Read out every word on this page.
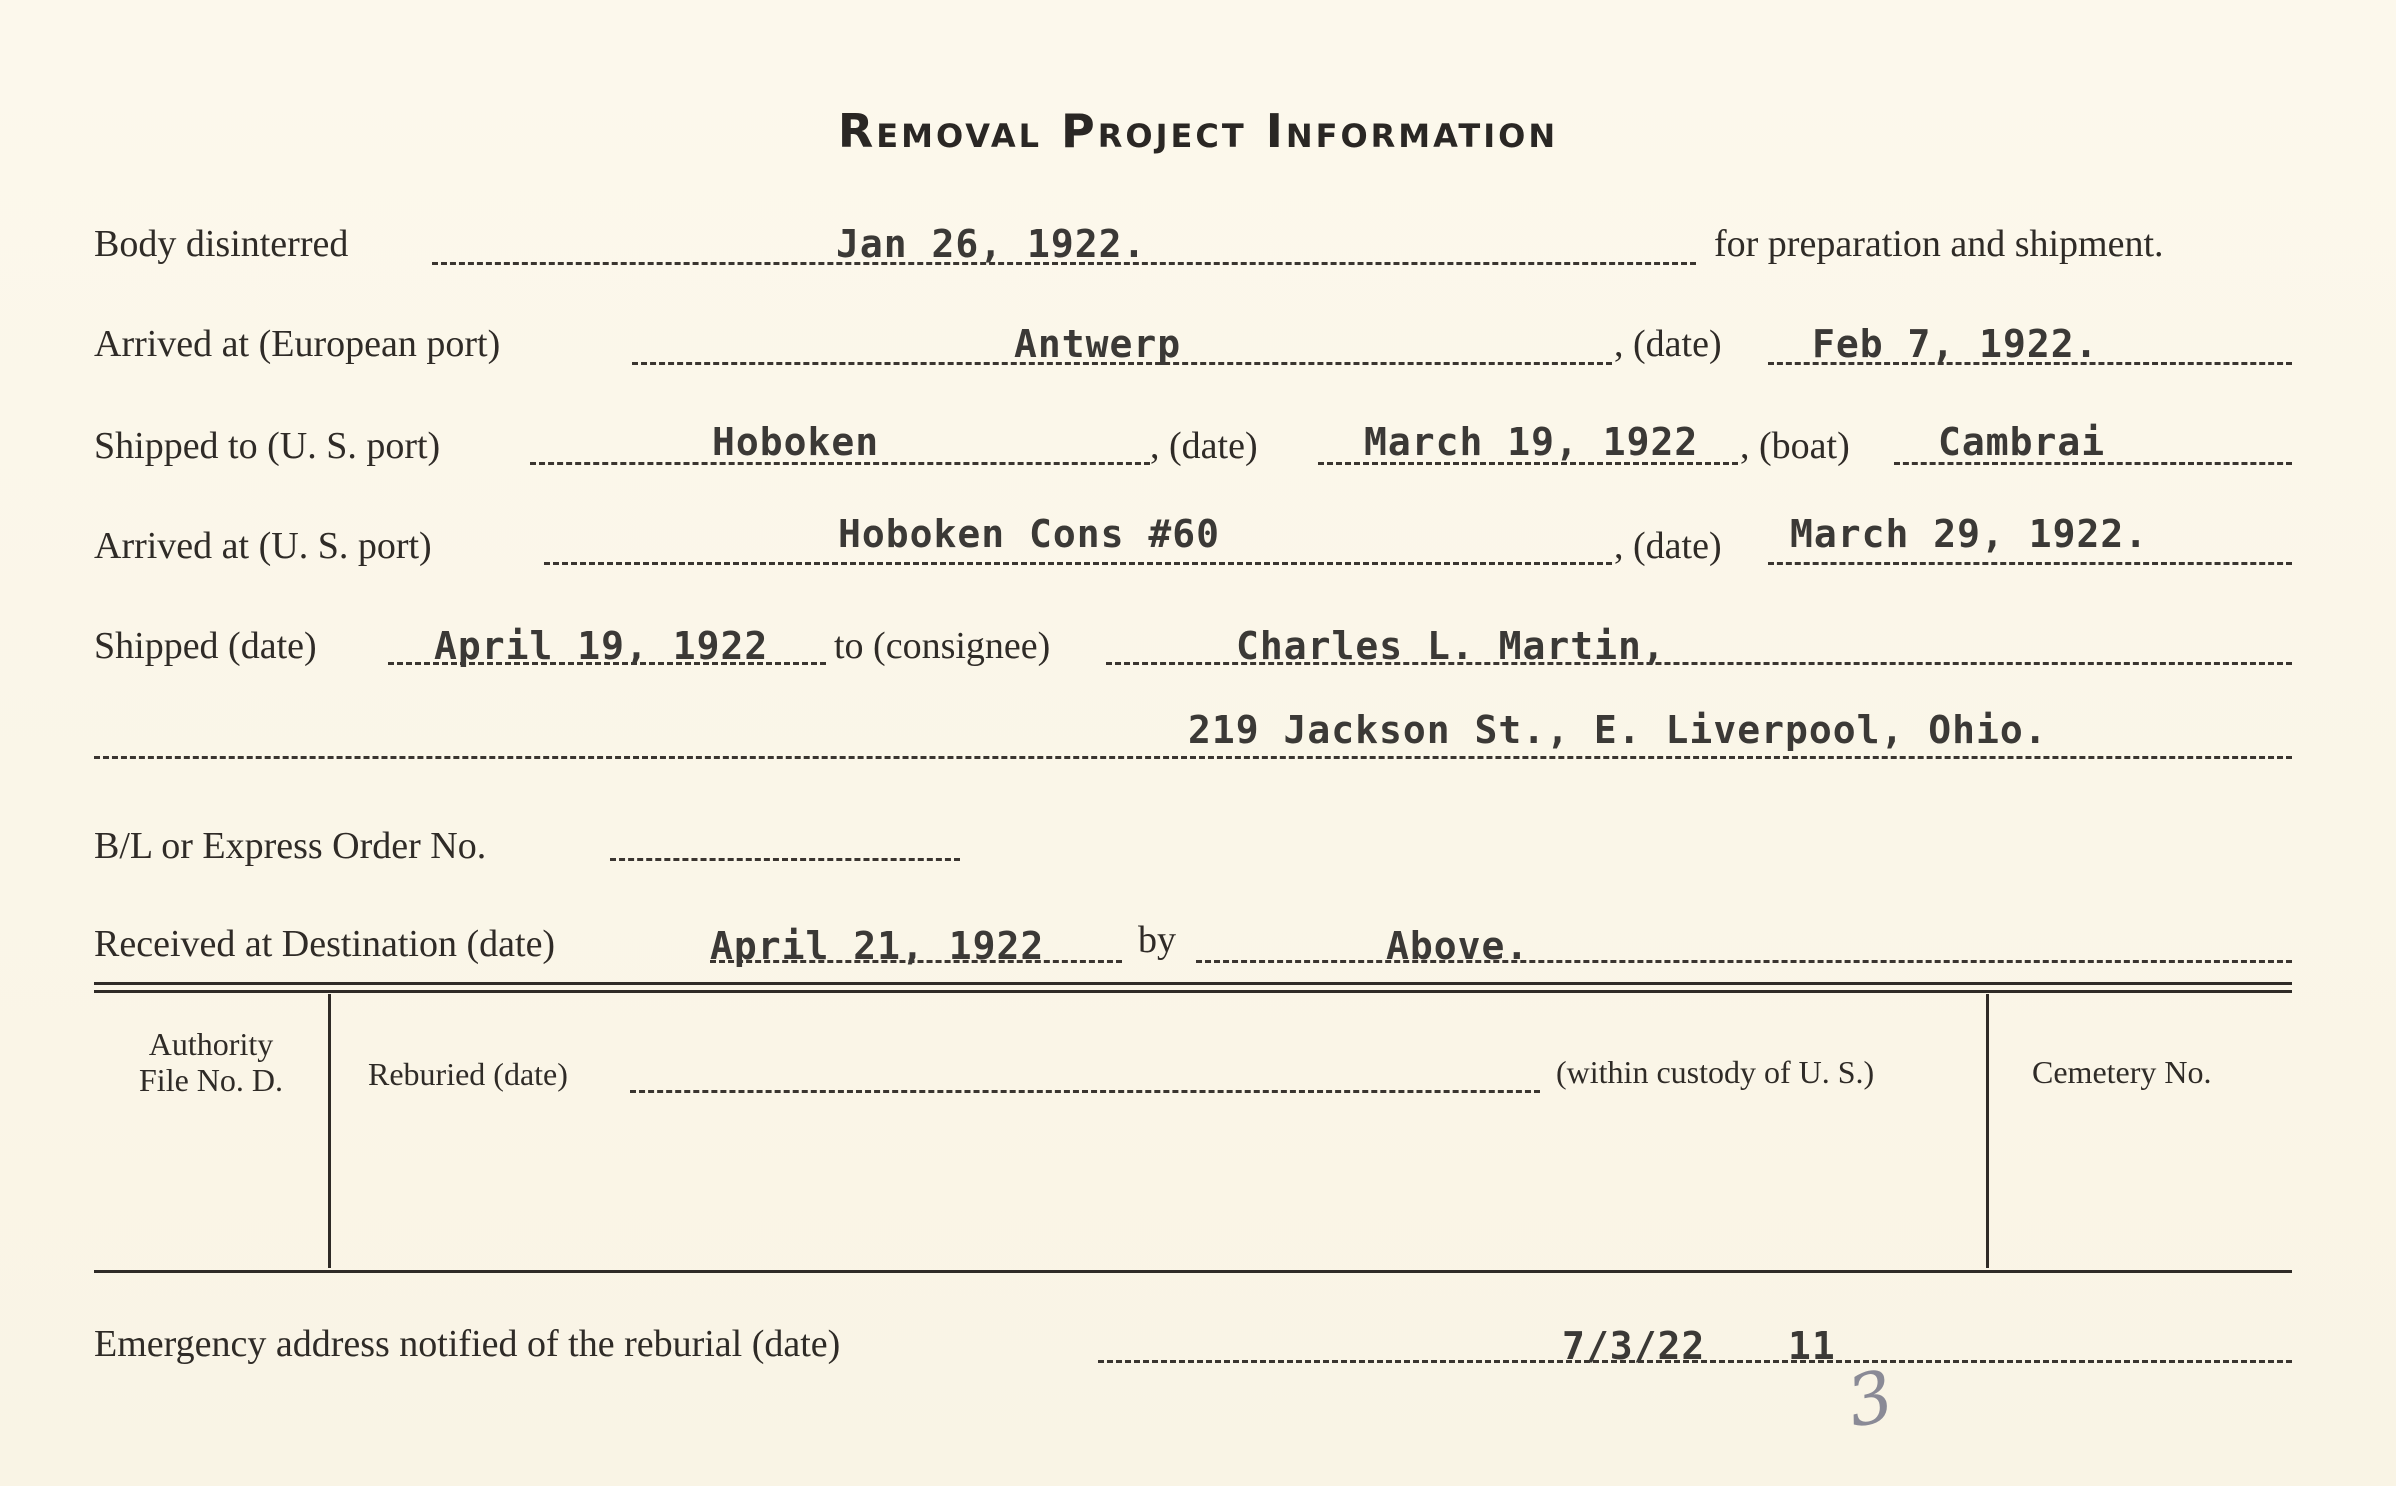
Removal Project Information
Body disinterred	Jan 26, 1922.	for preparation and shipment.
Arrived at (European port)	Antwerp	, (date) Feb 7, 1922.
Shipped to (U. S. port)	Hoboken	, (date)	March 19, 1922 , (boat) Cambrai
Arrived at (U. S. port)	Hoboken Cons #60	, (date) March 29, 1922.
Shipped (date)	April 19, 1922 to (consignee)	Charles L. Martin,
219 Jackson St., E. Liverpool, Ohio.
B/L or Express Order No.
Received at Destination (date)	April 21, 1922 by	Above.
Authority
File No. D.	Reburied (date)	(within custody of U. S.)	Cemetery No.
Emergency address notified of the reburial (date)	7/3/22 11
3
